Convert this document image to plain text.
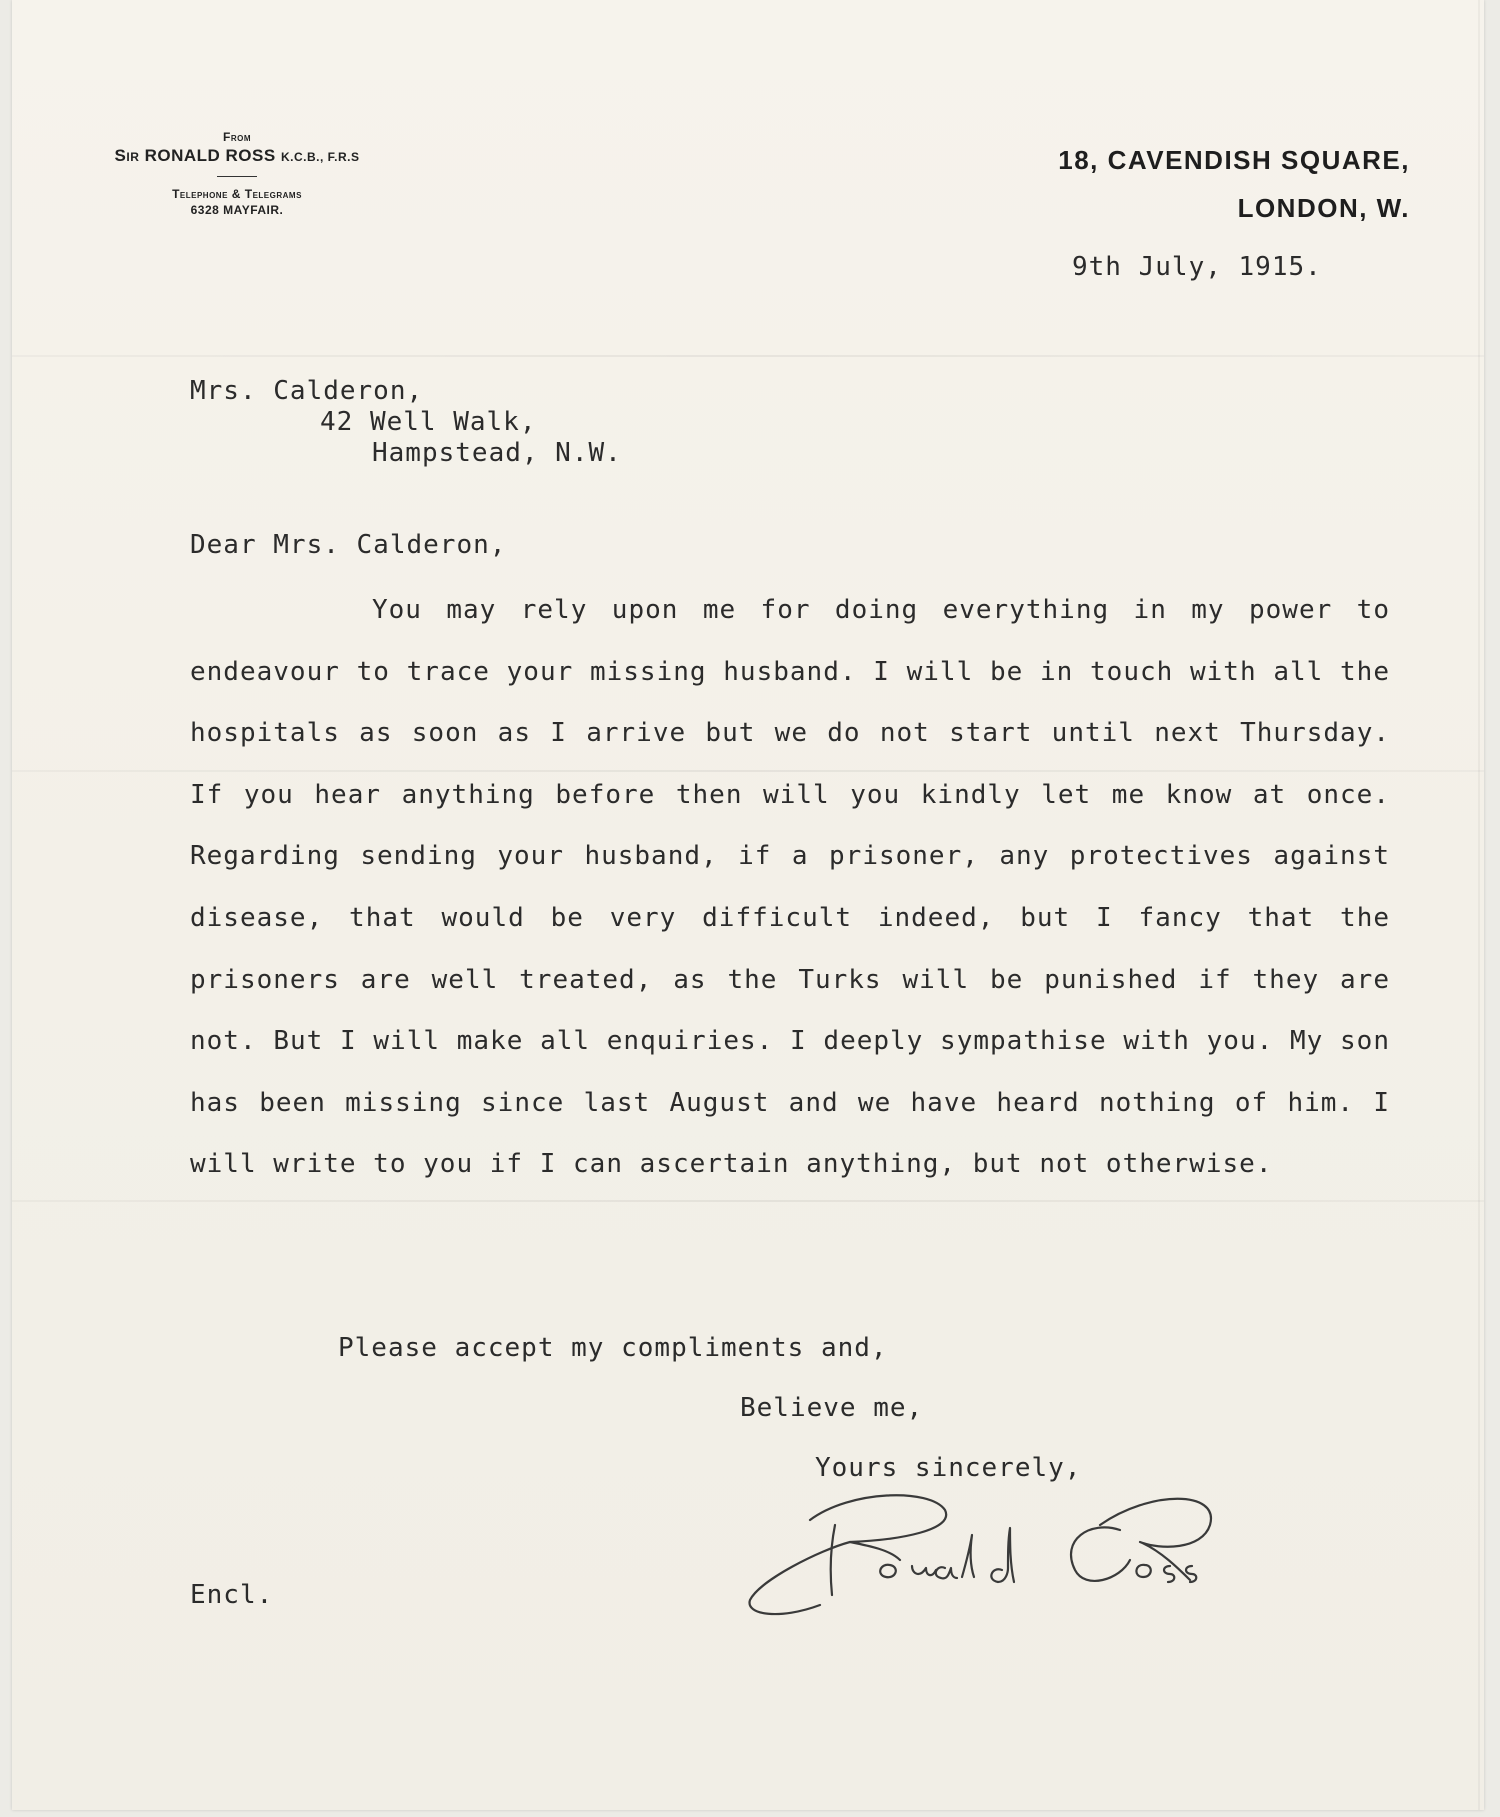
From
Sir RONALD ROSS K.C.B., F.R.S
Telephone & Telegrams
6328 MAYFAIR.
18, CAVENDISH SQUARE,
LONDON, W.
9th July, 1915.
Mrs. Calderon,
42 Well Walk,
Hampstead, N.W.
Dear Mrs. Calderon,

You may rely upon me for doing everything in my power to endeavour to trace your missing husband. I will be in touch with all the hospitals as soon as I arrive but we do not start until next Thursday. If you hear anything before then will you kindly let me know at once. Regarding sending your husband, if a prisoner, any protectives against disease, that would be very difficult indeed, but I fancy that the prisoners are well treated, as the Turks will be punished if they are not. But I will make all enquiries. I deeply sympathise with you. My son has been missing since last August and we have heard nothing of him. I will write to you if I can ascertain anything, but not otherwise.

Please accept my compliments and,
Believe me,
Yours sincerely,
Encl.
